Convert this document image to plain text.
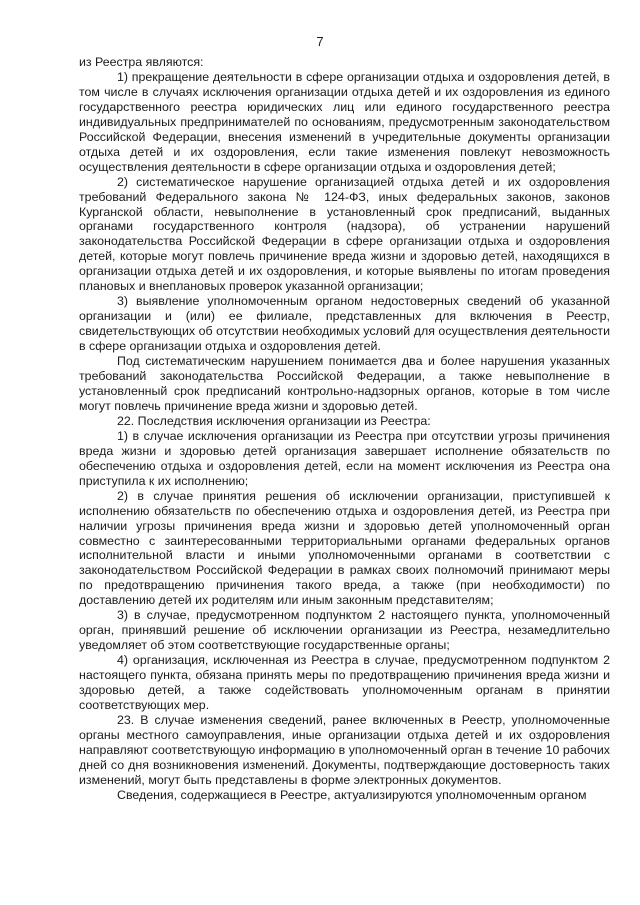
7

из Реестра являются:

1) прекращение деятельности в сфере организации отдыха и оздоровления детей, в том числе в случаях исключения организации отдыха детей и их оздоровления из единого государственного реестра юридических лиц или единого государственного реестра индивидуальных предпринимателей по основаниям, предусмотренным законодательством Российской Федерации, внесения изменений в учредительные документы организации отдыха детей и их оздоровления, если такие изменения повлекут невозможность осуществления деятельности в сфере организации отдыха и оздоровления детей;

2) систематическое нарушение организацией отдыха детей и их оздоровления требований Федерального закона № 124-ФЗ, иных федеральных законов, законов Курганской области, невыполнение в установленный срок предписаний, выданных органами государственного контроля (надзора), об устранении нарушений законодательства Российской Федерации в сфере организации отдыха и оздоровления детей, которые могут повлечь причинение вреда жизни и здоровью детей, находящихся в организации отдыха детей и их оздоровления, и которые выявлены по итогам проведения плановых и внеплановых проверок указанной организации;

3) выявление уполномоченным органом недостоверных сведений об указанной организации и (или) ее филиале, представленных для включения в Реестр, свидетельствующих об отсутствии необходимых условий для осуществления деятельности в сфере организации отдыха и оздоровления детей.

Под систематическим нарушением понимается два и более нарушения указанных требований законодательства Российской Федерации, а также невыполнение в установленный срок предписаний контрольно-надзорных органов, которые в том числе могут повлечь причинение вреда жизни и здоровью детей.

22. Последствия исключения организации из Реестра:

1) в случае исключения организации из Реестра при отсутствии угрозы причинения вреда жизни и здоровью детей организация завершает исполнение обязательств по обеспечению отдыха и оздоровления детей, если на момент исключения из Реестра она приступила к их исполнению;

2) в случае принятия решения об исключении организации, приступившей к исполнению обязательств по обеспечению отдыха и оздоровления детей, из Реестра при наличии угрозы причинения вреда жизни и здоровью детей уполномоченный орган совместно с заинтересованными территориальными органами федеральных органов исполнительной власти и иными уполномоченными органами в соответствии с законодательством Российской Федерации в рамках своих полномочий принимают меры по предотвращению причинения такого вреда, а также (при необходимости) по доставлению детей их родителям или иным законным представителям;

3) в случае, предусмотренном подпунктом 2 настоящего пункта, уполномоченный орган, принявший решение об исключении организации из Реестра, незамедлительно уведомляет об этом соответствующие государственные органы;

4) организация, исключенная из Реестра в случае, предусмотренном подпунктом 2 настоящего пункта, обязана принять меры по предотвращению причинения вреда жизни и здоровью детей, а также содействовать уполномоченным органам в принятии соответствующих мер.

23. В случае изменения сведений, ранее включенных в Реестр, уполномоченные органы местного самоуправления, иные организации отдыха детей и их оздоровления направляют соответствующую информацию в уполномоченный орган в течение 10 рабочих дней со дня возникновения изменений. Документы, подтверждающие достоверность таких изменений, могут быть представлены в форме электронных документов.

Сведения, содержащиеся в Реестре, актуализируются уполномоченным органом
